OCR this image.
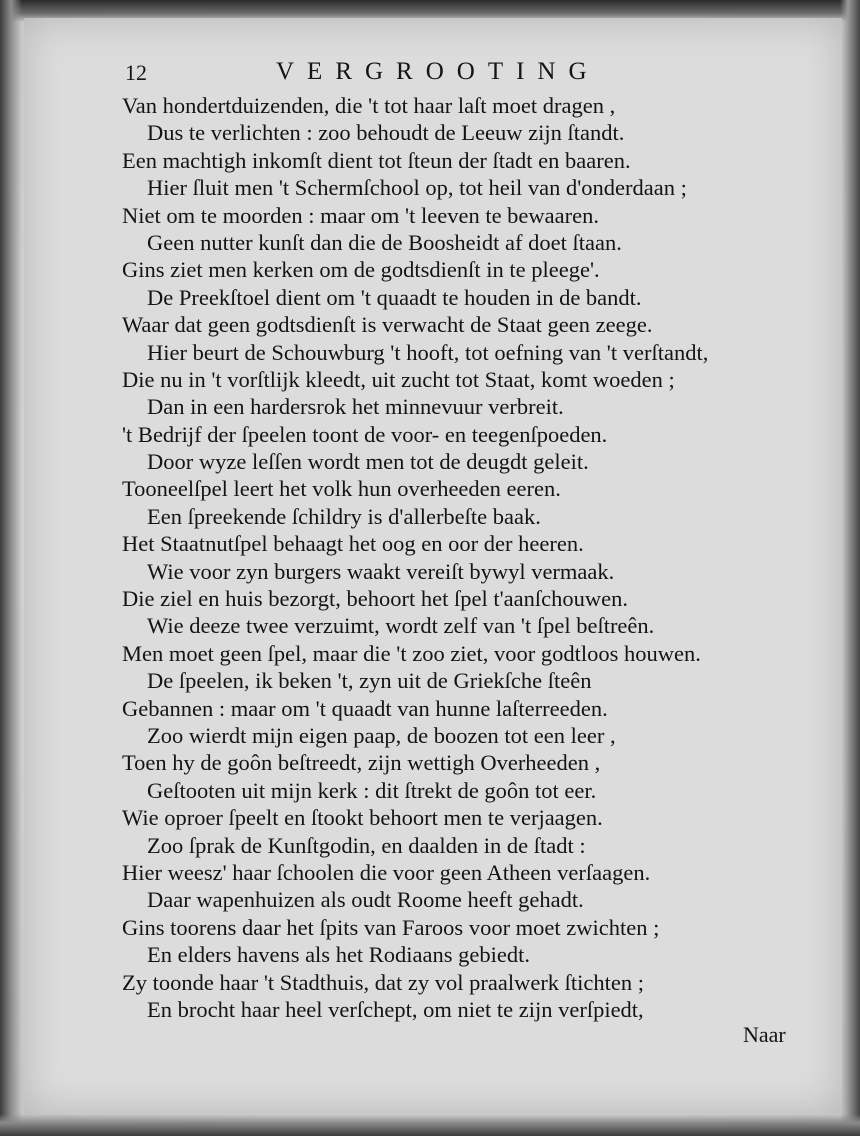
12	VERGROOTING
Van hondertduizenden, die 't tot haar laſt moet dragen ,
Dus te verlichten : zoo behoudt de Leeuw zijn ſtandt.
Een machtigh inkomſt dient tot ſteun der ſtadt en baaren.
Hier ſluit men 't Schermſchool op, tot heil van d'onderdaan ;
Niet om te moorden : maar om 't leeven te bewaaren.
Geen nutter kunſt dan die de Boosheidt af doet ſtaan.
Gins ziet men kerken om de godtsdienſt in te pleege'.
De Preekſtoel dient om 't quaadt te houden in de bandt.
Waar dat geen godtsdienſt is verwacht de Staat geen zeege.
Hier beurt de Schouwburg 't hooft, tot oefning van 't verſtandt,
Die nu in 't vorſtlijk kleedt, uit zucht tot Staat, komt woeden ;
Dan in een hardersrok het minnevuur verbreit.
't Bedrijf der ſpeelen toont de voor- en teegenſpoeden.
Door wyze leſſen wordt men tot de deugdt geleit.
Tooneelſpel leert het volk hun overheeden eeren.
Een ſpreekende ſchildry is d'allerbeſte baak.
Het Staatnutſpel behaagt het oog en oor der heeren.
Wie voor zyn burgers waakt vereiſt bywyl vermaak.
Die ziel en huis bezorgt, behoort het ſpel t'aanſchouwen.
Wie deeze twee verzuimt, wordt zelf van 't ſpel beſtreên.
Men moet geen ſpel, maar die 't zoo ziet, voor godtloos houwen.
De ſpeelen, ik beken 't, zyn uit de Griekſche ſteên
Gebannen : maar om 't quaadt van hunne laſterreeden.
Zoo wierdt mijn eigen paap, de boozen tot een leer ,
Toen hy de goôn beſtreedt, zijn wettigh Overheeden ,
Geſtooten uit mijn kerk : dit ſtrekt de goôn tot eer.
Wie oproer ſpeelt en ſtookt behoort men te verjaagen.
Zoo ſprak de Kunſtgodin, en daalden in de ſtadt :
Hier weesz' haar ſchoolen die voor geen Atheen verſaagen.
Daar wapenhuizen als oudt Roome heeft gehadt.
Gins toorens daar het ſpits van Faroos voor moet zwichten ;
En elders havens als het Rodiaans gebiedt.
Zy toonde haar 't Stadthuis, dat zy vol praalwerk ſtichten ;
En brocht haar heel verſchept, om niet te zijn verſpiedt,
Naar
